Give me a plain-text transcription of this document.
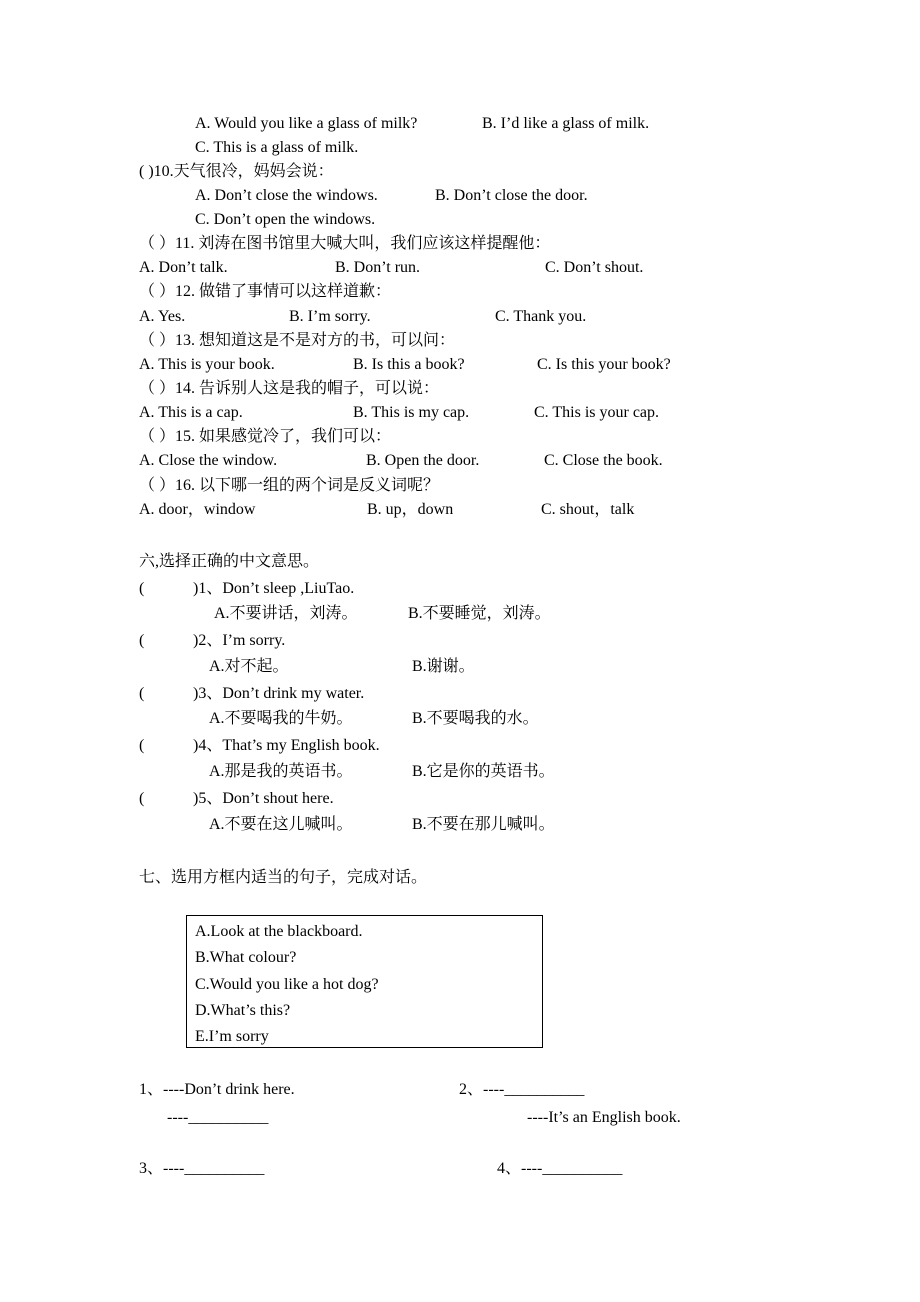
A. Would you like a glass of milk?	B. I’d like a glass of milk.
C. This is a glass of milk.
( )10.天气很冷，妈妈会说：
A. Don’t close the windows.	B. Don’t close the door.
C. Don’t open the windows.
（ ）11. 刘涛在图书馆里大喊大叫，我们应该这样提醒他：
A. Don’t talk.	B. Don’t run.	C. Don’t shout.
（ ）12. 做错了事情可以这样道歉：
A. Yes.	B. I’m sorry.	C. Thank you.
（ ）13. 想知道这是不是对方的书，可以问：
A. This is your book.	B. Is this a book?	C. Is this your book?
（ ）14. 告诉别人这是我的帽子，可以说：
A. This is a cap.	B. This is my cap.	C. This is your cap.
（ ）15. 如果感觉冷了，我们可以：
A. Close the window.	B. Open the door.	C. Close the book.
（ ）16. 以下哪一组的两个词是反义词呢？
A. door，window	B. up，down	C. shout，talk
六,选择正确的中文意思。
(	)1、Don’t sleep ,LiuTao.
A.不要讲话，刘涛。	B.不要睡觉，刘涛。
(	)2、I’m sorry.
A.对不起。	B.谢谢。
(	)3、Don’t drink my water.
A.不要喝我的牛奶。	B.不要喝我的水。
(	)4、That’s my English book.
A.那是我的英语书。	B.它是你的英语书。
(	)5、Don’t shout here.
A.不要在这儿喊叫。	B.不要在那儿喊叫。
七、选用方框内适当的句子，完成对话。
A.Look at the blackboard.
B.What colour?
C.Would you like a hot dog?
D.What’s this?
E.I’m sorry
1、----Don’t drink here.
----__________
2、----__________
----It’s an English book.
3、----__________	4、----__________
